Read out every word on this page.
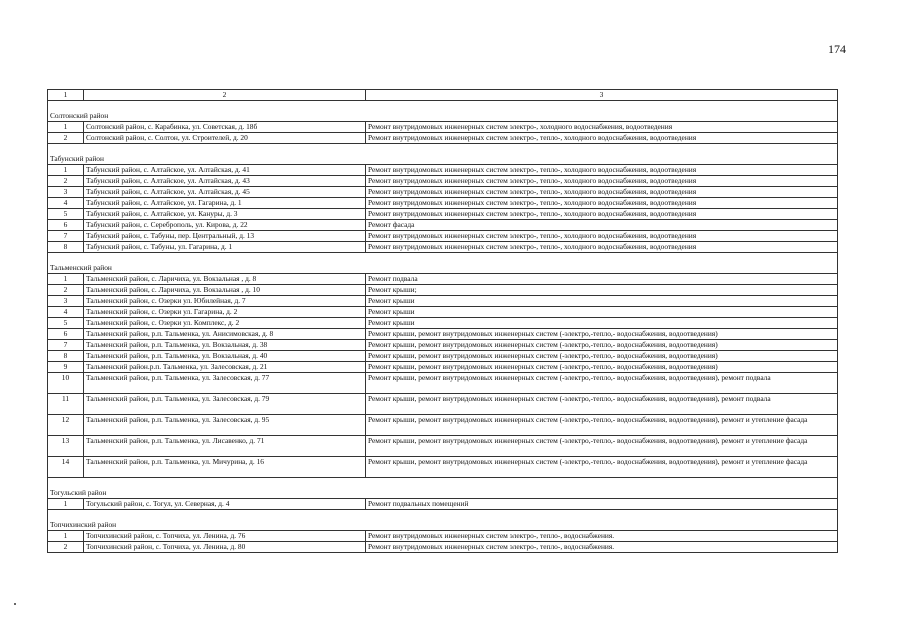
174
1	2	3

Солтонский район		
1	Солтонский район, с. Карабинка, ул. Советская, д. 18б	Ремонт внутридомовых инженерных систем электро-, холодного водоснабжения, водоотведения
2	Солтонский район, с. Солтон, ул. Строителей, д. 20	Ремонт внутридомовых инженерных систем электро-, тепло-, холодного водоснабжения, водоотведения

Табунский район		
1	Табунский район, с. Алтайское, ул. Алтайская, д. 41	Ремонт внутридомовых инженерных систем электро-, тепло-, холодного водоснабжения, водоотведения
2	Табунский район, с. Алтайское, ул. Алтайская, д. 43	Ремонт внутридомовых инженерных систем электро-, тепло-, холодного водоснабжения, водоотведения
3	Табунский район, с. Алтайское, ул. Алтайская, д. 45	Ремонт внутридомовых инженерных систем электро-, тепло-, холодного водоснабжения, водоотведения
4	Табунский район, с. Алтайское, ул. Гагарина, д. 1	Ремонт внутридомовых инженерных систем электро-, тепло-, холодного водоснабжения, водоотведения
5	Табунский район, с. Алтайское, ул. Кануры, д. 3	Ремонт внутридомовых инженерных систем электро-, тепло-, холодного водоснабжения, водоотведения
6	Табунский район, с. Сереброполь, ул. Кирова, д. 22	Ремонт фасада
7	Табунский район, с. Табуны, пер. Центральный, д. 13	Ремонт внутридомовых инженерных систем электро-, тепло-, холодного водоснабжения, водоотведения
8	Табунский район, с. Табуны, ул. Гагарина, д. 1	Ремонт внутридомовых инженерных систем электро-, тепло-, холодного водоснабжения, водоотведения

Тальменский район		
1	Тальменский район, с. Ларичиха, ул. Вокзальная , д. 8	Ремонт подвала
2	Тальменский район, с. Ларичиха, ул. Вокзальная , д. 10	Ремонт крыши;
3	Тальменский район, с. Озерки ул. Юбилейная, д. 7	Ремонт крыши
4	Тальменский район, с. Озерки ул. Гагарина, д. 2	Ремонт крыши
5	Тальменский район, с. Озерки ул. Комплекс, д. 2	Ремонт крыши
6	Тальменский район, р.п. Тальменка, ул. Анисимовская, д. 8	Ремонт крыши, ремонт внутридомовых инженерных систем (-электро,-тепло,- водоснабжения, водоотведения)
7	Тальменский район, р.п. Тальменка, ул. Вокзальная, д. 38	Ремонт крыши, ремонт внутридомовых инженерных систем (-электро,-тепло,- водоснабжения, водоотведения)
8	Тальменский район, р.п. Тальменка, ул. Вокзальная, д. 40	Ремонт крыши, ремонт внутридомовых инженерных систем (-электро,-тепло,- водоснабжения, водоотведения)
9	Тальменский район.р.п. Тальменка, ул. Залесовская, д. 21	Ремонт крыши, ремонт внутридомовых инженерных систем (-электро,-тепло,- водоснабжения, водоотведения)
10	Тальменский район, р.п. Тальменка, ул. Залесовская, д. 77	Ремонт крыши, ремонт внутридомовых инженерных систем (-электро,-тепло,- водоснабжения, водоотведения), ремонт подвала
11	Тальменский район, р.п. Тальменка, ул. Залесовская, д. 79	Ремонт крыши, ремонт внутридомовых инженерных систем (-электро,-тепло,- водоснабжения, водоотведения), ремонт подвала
12	Тальменский район, р.п. Тальменка, ул. Залесовская, д. 95	Ремонт крыши, ремонт внутридомовых инженерных систем (-электро,-тепло,- водоснабжения, водоотведения), ремонт и утепление фасада
13	Тальменский район, р.п. Тальменка, ул. Лисавенко, д. 71	Ремонт крыши, ремонт внутридомовых инженерных систем (-электро,-тепло,- водоснабжения, водоотведения), ремонт и утепление фасада
14	Тальменский район, р.п. Тальменка, ул. Мичурина, д. 16	Ремонт крыши, ремонт внутридомовых инженерных систем (-электро,-тепло,- водоснабжения, водоотведения), ремонт и утепление фасада

Тогульский район		
1	Тогульский район, с. Тогул, ул. Северная, д. 4	Ремонт подвальных помещений

Топчихинский район		
1	Топчихинский район, с. Топчиха, ул. Ленина, д. 76	Ремонт внутридомовых инженерных систем электро-, тепло-, водоснабжения.
2	Топчихинский район, с. Топчиха, ул. Ленина, д. 80	Ремонт внутридомовых инженерных систем электро-, тепло-, водоснабжения.
